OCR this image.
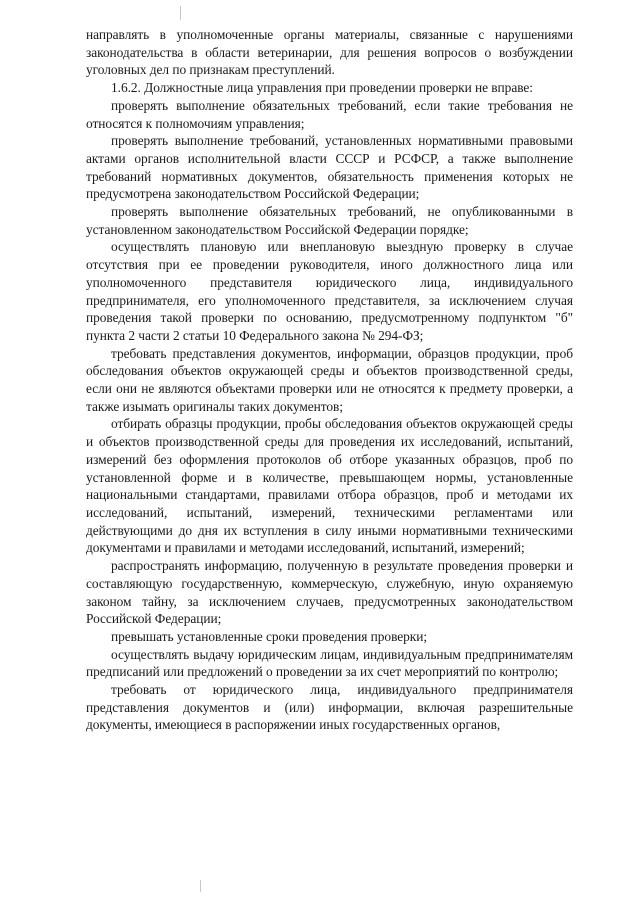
направлять в уполномоченные органы материалы, связанные с нарушениями законодательства в области ветеринарии, для решения вопросов о возбуждении уголовных дел по признакам преступлений.

1.6.2. Должностные лица управления при проведении проверки не вправе:

проверять выполнение обязательных требований, если такие требования не относятся к полномочиям управления;

проверять выполнение требований, установленных нормативными правовыми актами органов исполнительной власти СССР и РСФСР, а также выполнение требований нормативных документов, обязательность применения которых не предусмотрена законодательством Российской Федерации;

проверять выполнение обязательных требований, не опубликованными в установленном законодательством Российской Федерации порядке;

осуществлять плановую или внеплановую выездную проверку в случае отсутствия при ее проведении руководителя, иного должностного лица или уполномоченного представителя юридического лица, индивидуального предпринимателя, его уполномоченного представителя, за исключением случая проведения такой проверки по основанию, предусмотренному подпунктом "б" пункта 2 части 2 статьи 10 Федерального закона № 294-ФЗ;

требовать представления документов, информации, образцов продукции, проб обследования объектов окружающей среды и объектов производственной среды, если они не являются объектами проверки или не относятся к предмету проверки, а также изымать оригиналы таких документов;

отбирать образцы продукции, пробы обследования объектов окружающей среды и объектов производственной среды для проведения их исследований, испытаний, измерений без оформления протоколов об отборе указанных образцов, проб по установленной форме и в количестве, превышающем нормы, установленные национальными стандартами, правилами отбора образцов, проб и методами их исследований, испытаний, измерений, техническими регламентами или действующими до дня их вступления в силу иными нормативными техническими документами и правилами и методами исследований, испытаний, измерений;

распространять информацию, полученную в результате проведения проверки и составляющую государственную, коммерческую, служебную, иную охраняемую законом тайну, за исключением случаев, предусмотренных законодательством Российской Федерации;

превышать установленные сроки проведения проверки;

осуществлять выдачу юридическим лицам, индивидуальным предпринимателям предписаний или предложений о проведении за их счет мероприятий по контролю;

требовать от юридического лица, индивидуального предпринимателя представления документов и (или) информации, включая разрешительные документы, имеющиеся в распоряжении иных государственных органов,
